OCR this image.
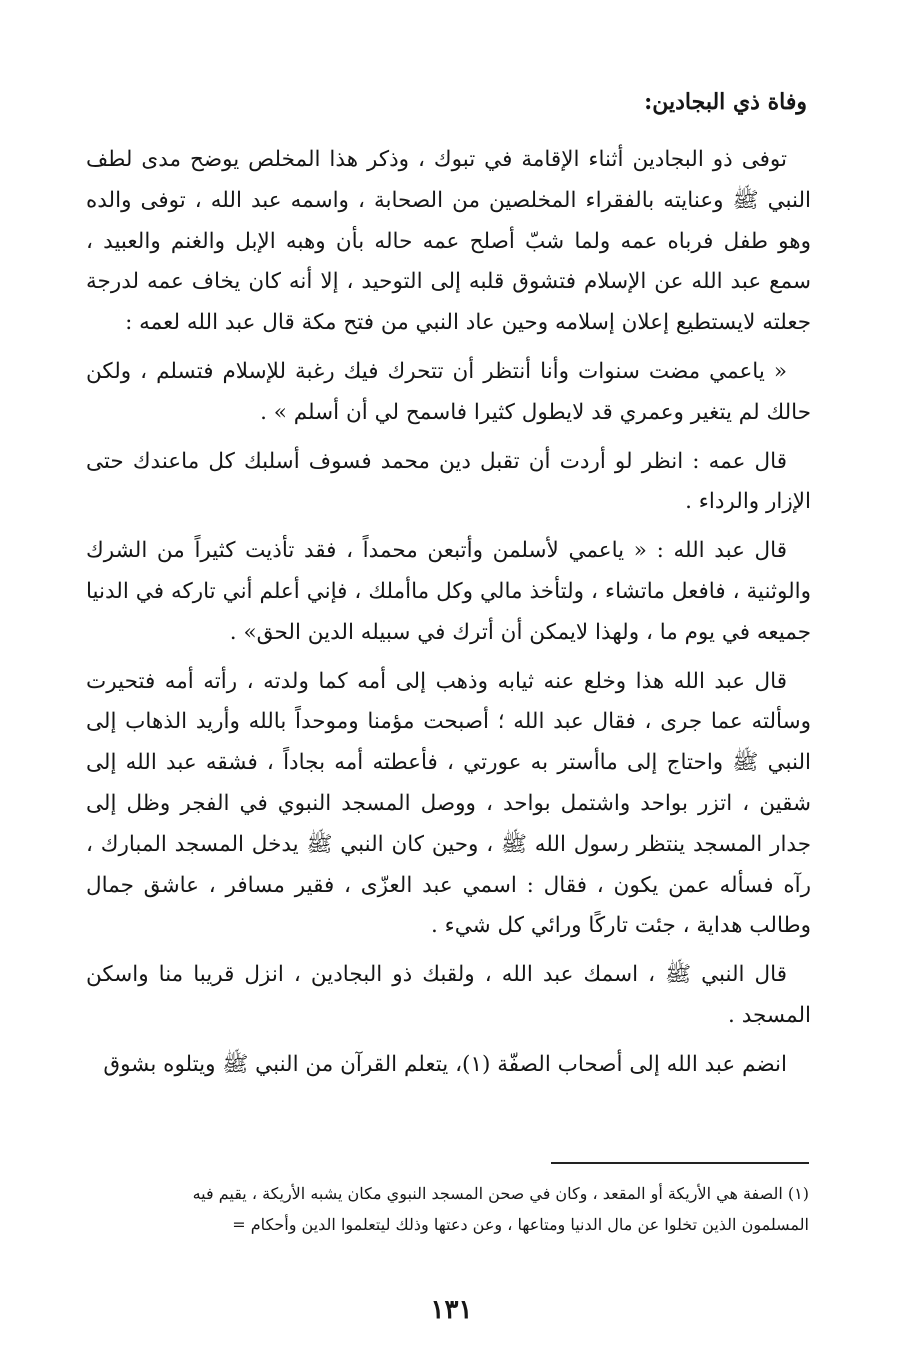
وفاة ذي البجادين:

توفى ذو البجادين أثناء الإقامة في تبوك ، وذكر هذا المخلص يوضح مدى لطف النبي ﷺ وعنايته بالفقراء المخلصين من الصحابة ، واسمه عبد الله ، توفى والده وهو طفل فرباه عمه ولما شبّ أصلح عمه حاله بأن وهبه الإبل والغنم والعبيد ، سمع عبد الله عن الإسلام فتشوق قلبه إلى التوحيد ، إلا أنه كان يخاف عمه لدرجة جعلته لايستطيع إعلان إسلامه وحين عاد النبي من فتح مكة قال عبد الله لعمه :

« ياعمي مضت سنوات وأنا أنتظر أن تتحرك فيك رغبة للإسلام فتسلم ، ولكن حالك لم يتغير وعمري قد لايطول كثيرا فاسمح لي أن أسلم » .

قال عمه : انظر لو أردت أن تقبل دين محمد فسوف أسلبك كل ماعندك حتى الإزار والرداء .

قال عبد الله : « ياعمي لأسلمن وأتبعن محمداً ، فقد تأذيت كثيراً من الشرك والوثنية ، فافعل ماتشاء ، ولتأخذ مالي وكل ماأملك ، فإني أعلم أني تاركه في الدنيا جميعه في يوم ما ، ولهذا لايمكن أن أترك في سبيله الدين الحق» .

قال عبد الله هذا وخلع عنه ثيابه وذهب إلى أمه كما ولدته ، رأته أمه فتحيرت وسألته عما جرى ، فقال عبد الله ؛ أصبحت مؤمنا وموحداً بالله وأريد الذهاب إلى النبي ﷺ واحتاج إلى ماأستر به عورتي ، فأعطته أمه بجاداً ، فشقه عبد الله إلى شقين ، اتزر بواحد واشتمل بواحد ، ووصل المسجد النبوي في الفجر وظل إلى جدار المسجد ينتظر رسول الله ﷺ ، وحين كان النبي ﷺ يدخل المسجد المبارك ، رآه فسأله عمن يكون ، فقال : اسمي عبد العزّى ، فقير مسافر ، عاشق جمال وطالب هداية ، جئت تاركًا ورائي كل شيء .

قال النبي ﷺ ، اسمك عبد الله ، ولقبك ذو البجادين ، انزل قريبا منا واسكن المسجد .

انضم عبد الله إلى أصحاب الصفّة (١)، يتعلم القرآن من النبي ﷺ ويتلوه بشوق

(١) الصفة هي الأريكة أو المقعد ، وكان في صحن المسجد النبوي مكان يشبه الأريكة ، يقيم فيه

المسلمون الذين تخلوا عن مال الدنيا ومتاعها ، وعن دعتها وذلك ليتعلموا الدين وأحكام =

١٣١
